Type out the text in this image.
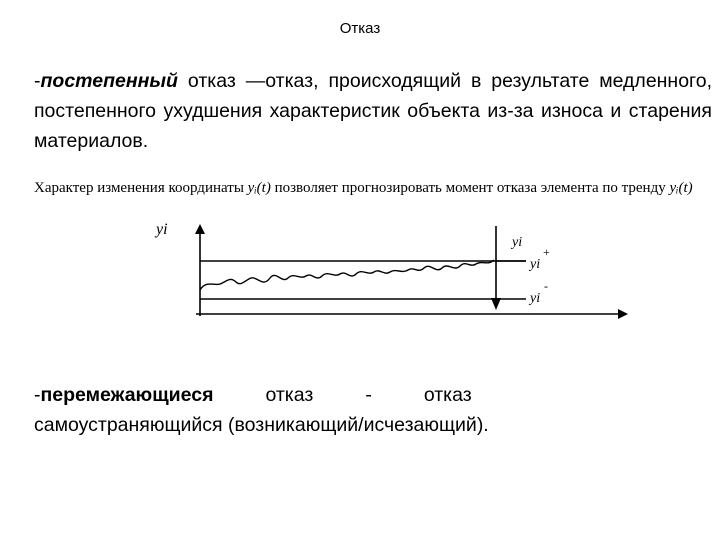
Отказ
-постепенный отказ —отказ, происходящий в результате медленного, постепенного ухудшения характеристик объекта из-за износа и старения материалов.
Характер изменения координаты yᵢ(t) позволяет прогнозировать момент отказа элемента по тренду yᵢ(t)
yi
yi
yi
+
yi
-
-перемежающиеся	отказ	-	отказсамоустраняющийся (возникающий/исчезающий).
